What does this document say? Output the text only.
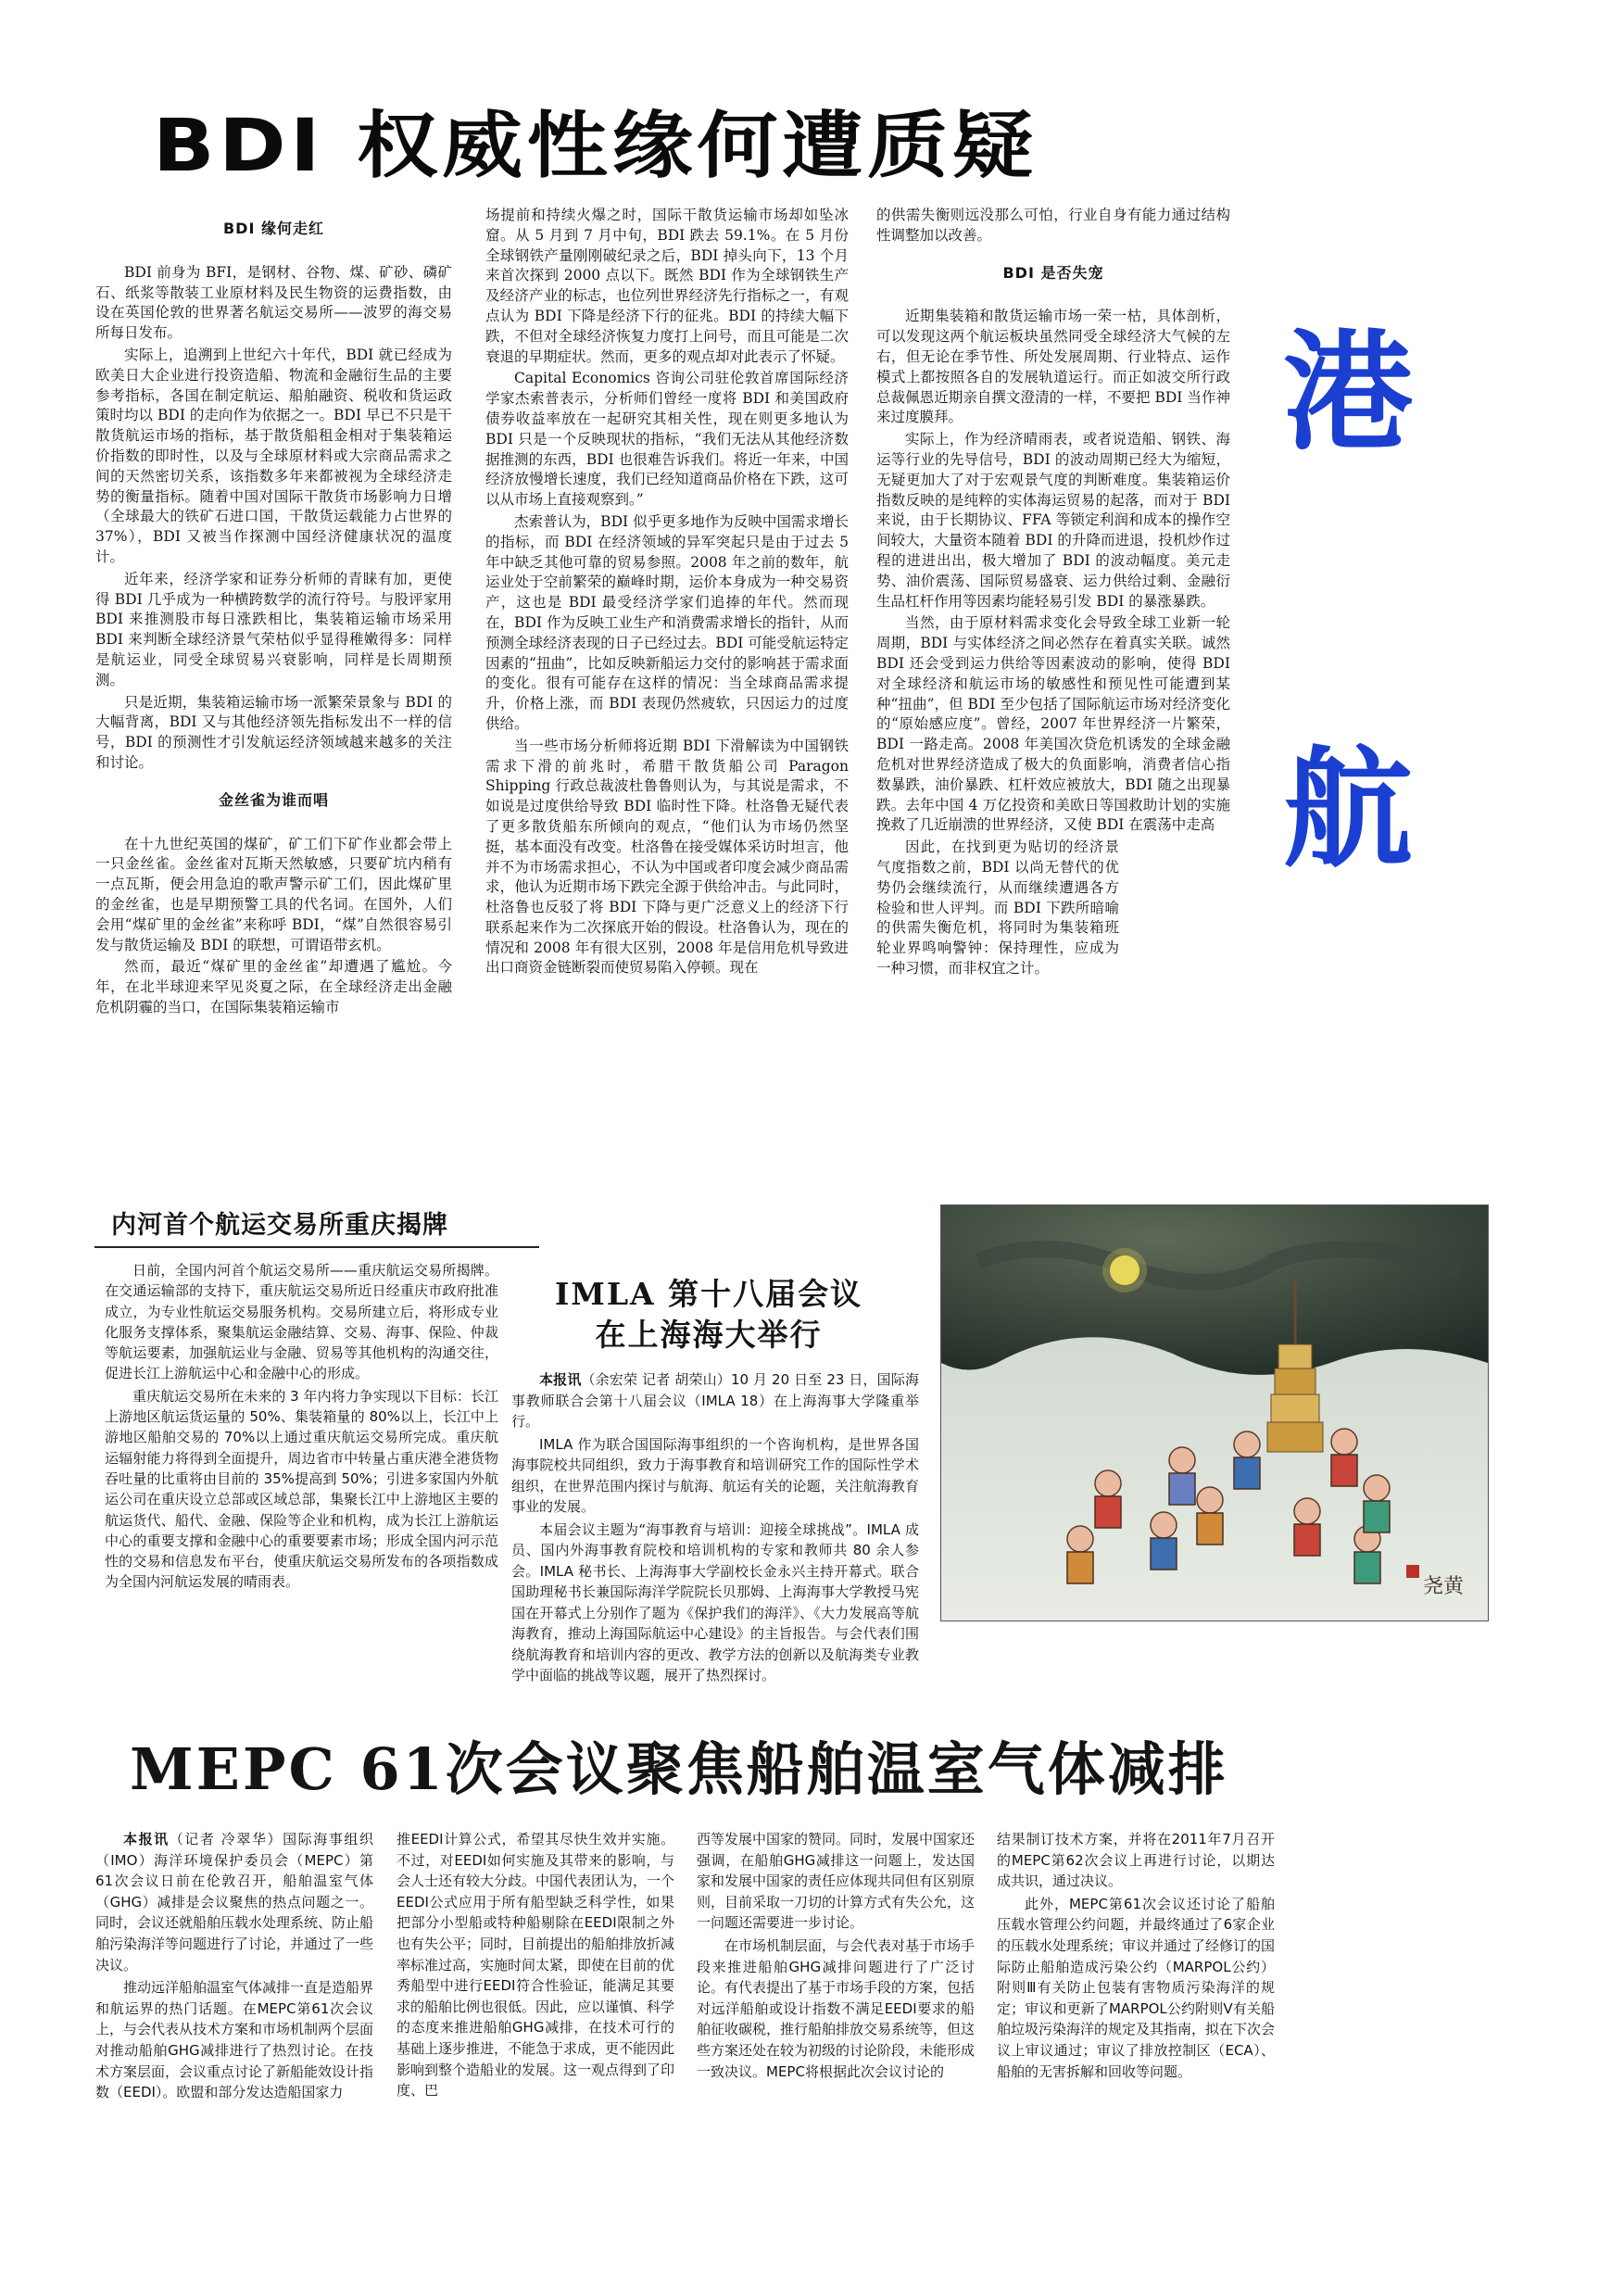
BDI 权威性缘何遭质疑
BDI 缘何走红

BDI 前身为 BFI，是钢材、谷物、煤、矿砂、磷矿石、纸浆等散装工业原材料及民生物资的运费指数，由设在英国伦敦的世界著名航运交易所——波罗的海交易所每日发布。

实际上，追溯到上世纪六十年代，BDI 就已经成为欧美日大企业进行投资造船、物流和金融衍生品的主要参考指标，各国在制定航运、船舶融资、税收和货运政策时均以 BDI 的走向作为依据之一。BDI 早已不只是干散货航运市场的指标，基于散货船租金相对于集装箱运价指数的即时性，以及与全球原材料或大宗商品需求之间的天然密切关系，该指数多年来都被视为全球经济走势的衡量指标。随着中国对国际干散货市场影响力日增（全球最大的铁矿石进口国，干散货运载能力占世界的 37%），BDI 又被当作探测中国经济健康状况的温度计。

近年来，经济学家和证券分析师的青睐有加，更使得 BDI 几乎成为一种横跨数学的流行符号。与股评家用 BDI 来推测股市每日涨跌相比，集装箱运输市场采用 BDI 来判断全球经济景气荣枯似乎显得稚嫩得多：同样是航运业，同受全球贸易兴衰影响，同样是长周期预测。

只是近期，集装箱运输市场一派繁荣景象与 BDI 的大幅背离，BDI 又与其他经济领先指标发出不一样的信号，BDI 的预测性才引发航运经济领域越来越多的关注和讨论。

金丝雀为谁而唱

在十九世纪英国的煤矿，矿工们下矿作业都会带上一只金丝雀。金丝雀对瓦斯天然敏感，只要矿坑内稍有一点瓦斯，便会用急迫的歌声警示矿工们，因此煤矿里的金丝雀，也是早期预警工具的代名词。在国外，人们会用“煤矿里的金丝雀”来称呼 BDI，“煤”自然很容易引发与散货运输及 BDI 的联想，可谓语带玄机。

然而，最近“煤矿里的金丝雀”却遭遇了尴尬。今年，在北半球迎来罕见炎夏之际，在全球经济走出金融危机阴霾的当口，在国际集装箱运输市

场提前和持续火爆之时，国际干散货运输市场却如坠冰窟。从 5 月到 7 月中旬，BDI 跌去 59.1%。在 5 月份全球钢铁产量刚刚破纪录之后，BDI 掉头向下，13 个月来首次探到 2000 点以下。既然 BDI 作为全球钢铁生产及经济产业的标志，也位列世界经济先行指标之一，有观点认为 BDI 下降是经济下行的征兆。BDI 的持续大幅下跌，不但对全球经济恢复力度打上问号，而且可能是二次衰退的早期症状。然而，更多的观点却对此表示了怀疑。

Capital Economics 咨询公司驻伦敦首席国际经济学家杰索普表示，分析师们曾经一度将 BDI 和美国政府债券收益率放在一起研究其相关性，现在则更多地认为 BDI 只是一个反映现状的指标，“我们无法从其他经济数据推测的东西，BDI 也很难告诉我们。将近一年来，中国经济放慢增长速度，我们已经知道商品价格在下跌，这可以从市场上直接观察到。”

杰索普认为，BDI 似乎更多地作为反映中国需求增长的指标，而 BDI 在经济领域的异军突起只是由于过去 5 年中缺乏其他可靠的贸易参照。2008 年之前的数年，航运业处于空前繁荣的巅峰时期，运价本身成为一种交易资产，这也是 BDI 最受经济学家们追捧的年代。然而现在，BDI 作为反映工业生产和消费需求增长的指针，从而预测全球经济表现的日子已经过去。BDI 可能受航运特定因素的“扭曲”，比如反映新船运力交付的影响甚于需求面的变化。很有可能存在这样的情况：当全球商品需求提升，价格上涨，而 BDI 表现仍然疲软，只因运力的过度供给。

当一些市场分析师将近期 BDI 下滑解读为中国钢铁需求下滑的前兆时，希腊干散货船公司 Paragon Shipping 行政总裁波杜鲁鲁则认为，与其说是需求，不如说是过度供给导致 BDI 临时性下降。杜洛鲁无疑代表了更多散货船东所倾向的观点，“他们认为市场仍然坚挺，基本面没有改变。杜洛鲁在接受媒体采访时坦言，他并不为市场需求担心，不认为中国或者印度会减少商品需求，他认为近期市场下跌完全源于供给冲击。与此同时，杜洛鲁也反驳了将 BDI 下降与更广泛意义上的经济下行联系起来作为二次探底开始的假设。杜洛鲁认为，现在的情况和 2008 年有很大区别，2008 年是信用危机导致进出口商资金链断裂而使贸易陷入停顿。现在

的供需失衡则远没那么可怕，行业自身有能力通过结构性调整加以改善。

BDI 是否失宠

近期集装箱和散货运输市场一荣一枯，具体剖析，可以发现这两个航运板块虽然同受全球经济大气候的左右，但无论在季节性、所处发展周期、行业特点、运作模式上都按照各自的发展轨道运行。而正如波交所行政总裁佩恩近期亲自撰文澄清的一样，不要把 BDI 当作神来过度膜拜。

实际上，作为经济晴雨表，或者说造船、钢铁、海运等行业的先导信号，BDI 的波动周期已经大为缩短，无疑更加大了对于宏观景气度的判断难度。集装箱运价指数反映的是纯粹的实体海运贸易的起落，而对于 BDI 来说，由于长期协议、FFA 等锁定利润和成本的操作空间较大，大量资本随着 BDI 的升降而进退，投机炒作过程的进进出出，极大增加了 BDI 的波动幅度。美元走势、油价震荡、国际贸易盛衰、运力供给过剩、金融衍生品杠杆作用等因素均能轻易引发 BDI 的暴涨暴跌。

当然，由于原材料需求变化会导致全球工业新一轮周期，BDI 与实体经济之间必然存在着真实关联。诚然 BDI 还会受到运力供给等因素波动的影响，使得 BDI 对全球经济和航运市场的敏感性和预见性可能遭到某种“扭曲”，但 BDI 至少包括了国际航运市场对经济变化的“原始感应度”。曾经，2007 年世界经济一片繁荣，BDI 一路走高。2008 年美国次贷危机诱发的全球金融危机对世界经济造成了极大的负面影响，消费者信心指数暴跌，油价暴跌、杠杆效应被放大，BDI 随之出现暴跌。去年中国 4 万亿投资和美欧日等国救助计划的实施挽救了几近崩溃的世界经济，又使 BDI 在震荡中走高

因此，在找到更为贴切的经济景气度指数之前，BDI 以尚无替代的优势仍会继续流行，从而继续遭遇各方检验和世人评判。而 BDI 下跌所暗喻的供需失衡危机，将同时为集装箱班轮业界鸣响警钟：保持理性，应成为一种习惯，而非权宜之计。

港
航
内河首个航运交易所重庆揭牌

日前，全国内河首个航运交易所——重庆航运交易所揭牌。在交通运输部的支持下，重庆航运交易所近日经重庆市政府批准成立，为专业性航运交易服务机构。交易所建立后，将形成专业化服务支撑体系，聚集航运金融结算、交易、海事、保险、仲裁等航运要素，加强航运业与金融、贸易等其他机构的沟通交往，促进长江上游航运中心和金融中心的形成。

重庆航运交易所在未来的 3 年内将力争实现以下目标：长江上游地区航运货运量的 50%、集装箱量的 80%以上，长江中上游地区船舶交易的 70%以上通过重庆航运交易所完成。重庆航运辐射能力将得到全面提升，周边省市中转量占重庆港全港货物吞吐量的比重将由目前的 35%提高到 50%；引进多家国内外航运公司在重庆设立总部或区域总部，集聚长江中上游地区主要的航运货代、船代、金融、保险等企业和机构，成为长江上游航运中心的重要支撑和金融中心的重要要素市场；形成全国内河示范性的交易和信息发布平台，使重庆航运交易所发布的各项指数成为全国内河航运发展的晴雨表。

IMLA 第十八届会议
在上海海大举行

本报讯（余宏荣 记者 胡荣山）10 月 20 日至 23 日，国际海事教师联合会第十八届会议（IMLA 18）在上海海事大学隆重举行。

IMLA 作为联合国国际海事组织的一个咨询机构，是世界各国海事院校共同组织，致力于海事教育和培训研究工作的国际性学术组织，在世界范围内探讨与航海、航运有关的论题，关注航海教育事业的发展。

本届会议主题为“海事教育与培训：迎接全球挑战”。IMLA 成员、国内外海事教育院校和培训机构的专家和教师共 80 余人参会。IMLA 秘书长、上海海事大学副校长金永兴主持开幕式。联合国助理秘书长兼国际海洋学院院长贝那姆、上海海事大学教授马宪国在开幕式上分别作了题为《保护我们的海洋》、《大力发展高等航海教育，推动上海国际航运中心建设》的主旨报告。与会代表们围绕航海教育和培训内容的更改、教学方法的创新以及航海类专业教学中面临的挑战等议题，展开了热烈探讨。

尧黄
MEPC 61次会议聚焦船舶温室气体减排

本报讯（记者 冷翠华）国际海事组织（IMO）海洋环境保护委员会（MEPC）第61次会议日前在伦敦召开，船舶温室气体（GHG）减排是会议聚焦的热点问题之一。同时，会议还就船舶压载水处理系统、防止船舶污染海洋等问题进行了讨论，并通过了一些决议。

推动远洋船舶温室气体减排一直是造船界和航运界的热门话题。在MEPC第61次会议上，与会代表从技术方案和市场机制两个层面对推动船舶GHG减排进行了热烈讨论。在技术方案层面，会议重点讨论了新船能效设计指数（EEDI）。欧盟和部分发达造船国家力

推EEDI计算公式，希望其尽快生效并实施。不过，对EEDI如何实施及其带来的影响，与会人士还有较大分歧。中国代表团认为，一个EEDI公式应用于所有船型缺乏科学性，如果把部分小型船或特种船剔除在EEDI限制之外也有失公平；同时，目前提出的船舶排放折减率标准过高，实施时间太紧，即使在目前的优秀船型中进行EEDI符合性验证，能满足其要求的船舶比例也很低。因此，应以谨慎、科学的态度来推进船舶GHG减排，在技术可行的基础上逐步推进，不能急于求成，更不能因此影响到整个造船业的发展。这一观点得到了印度、巴

西等发展中国家的赞同。同时，发展中国家还强调，在船舶GHG减排这一问题上，发达国家和发展中国家的责任应体现共同但有区别原则，目前采取一刀切的计算方式有失公允，这一问题还需要进一步讨论。

在市场机制层面，与会代表对基于市场手段来推进船舶GHG减排问题进行了广泛讨论。有代表提出了基于市场手段的方案，包括对远洋船舶或设计指数不满足EEDI要求的船舶征收碳税，推行船舶排放交易系统等，但这些方案还处在较为初级的讨论阶段，未能形成一致决议。MEPC将根据此次会议讨论的

结果制订技术方案，并将在2011年7月召开的MEPC第62次会议上再进行讨论，以期达成共识，通过决议。

此外，MEPC第61次会议还讨论了船舶压载水管理公约问题，并最终通过了6家企业的压载水处理系统；审议并通过了经修订的国际防止船舶造成污染公约（MARPOL公约）附则Ⅲ有关防止包装有害物质污染海洋的规定；审议和更新了MARPOL公约附则Ⅴ有关船舶垃圾污染海洋的规定及其指南，拟在下次会议上审议通过；审议了排放控制区（ECA）、船舶的无害拆解和回收等问题。
